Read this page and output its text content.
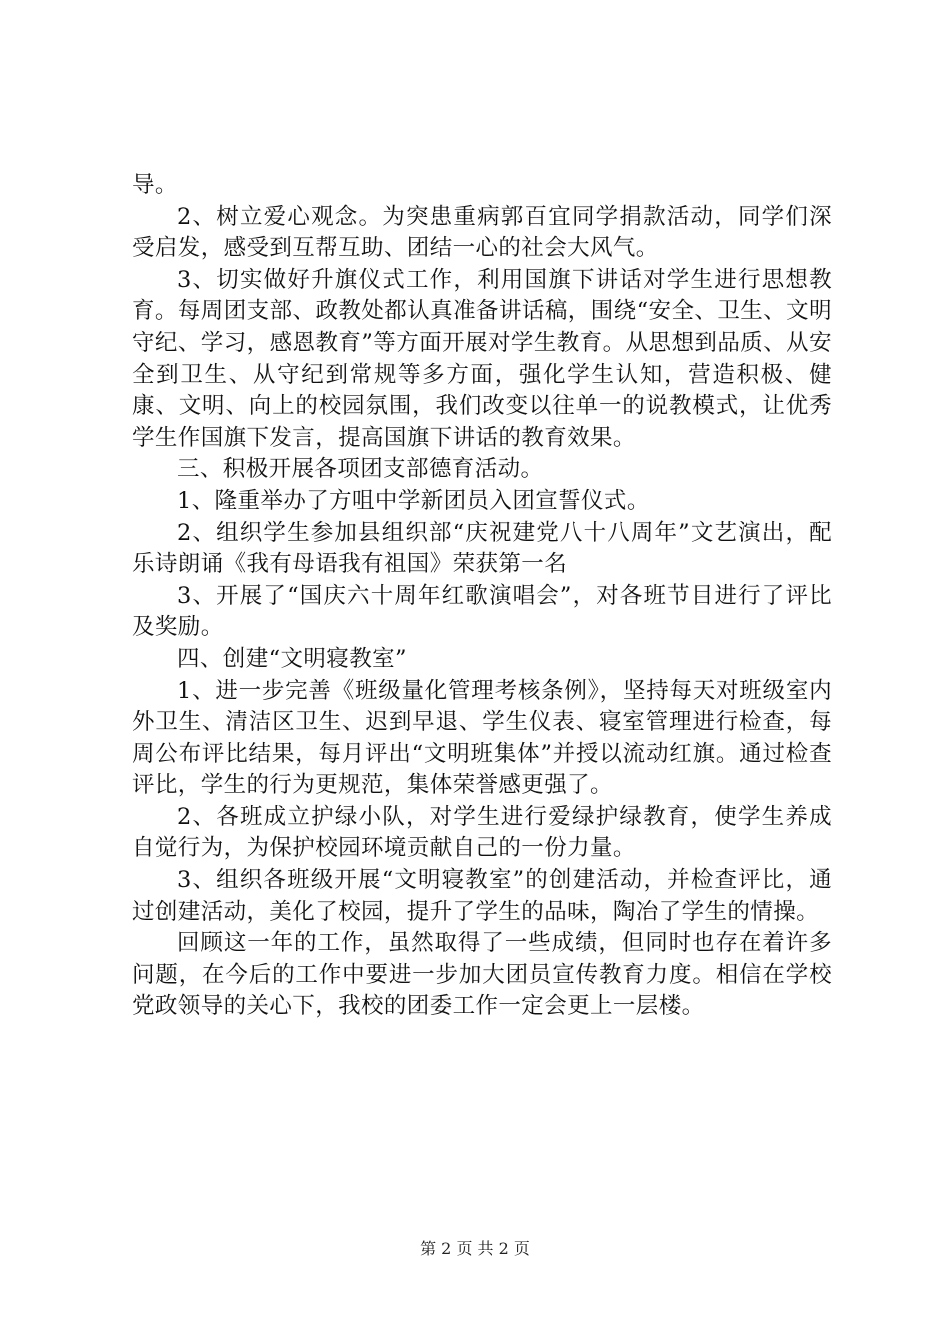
导。

2、树立爱心观念。为突患重病郭百宜同学捐款活动，同学们深受启发，感受到互帮互助、团结一心的社会大风气。

3、切实做好升旗仪式工作，利用国旗下讲话对学生进行思想教育。每周团支部、政教处都认真准备讲话稿，围绕“安全、卫生、文明守纪、学习，感恩教育”等方面开展对学生教育。从思想到品质、从安全到卫生、从守纪到常规等多方面，强化学生认知，营造积极、健康、文明、向上的校园氛围，我们改变以往单一的说教模式，让优秀学生作国旗下发言，提高国旗下讲话的教育效果。

三、积极开展各项团支部德育活动。

1、隆重举办了方咀中学新团员入团宣誓仪式。

2、组织学生参加县组织部“庆祝建党八十八周年”文艺演出，配乐诗朗诵《我有母语我有祖国》荣获第一名

3、开展了“国庆六十周年红歌演唱会”，对各班节目进行了评比及奖励。

四、创建“文明寝教室”

1、进一步完善《班级量化管理考核条例》，坚持每天对班级室内外卫生、清洁区卫生、迟到早退、学生仪表、寝室管理进行检查，每周公布评比结果，每月评出“文明班集体”并授以流动红旗。通过检查评比，学生的行为更规范，集体荣誉感更强了。

2、各班成立护绿小队，对学生进行爱绿护绿教育，使学生养成自觉行为，为保护校园环境贡献自己的一份力量。

3、组织各班级开展“文明寝教室”的创建活动，并检查评比，通过创建活动，美化了校园，提升了学生的品味，陶冶了学生的情操。

回顾这一年的工作，虽然取得了一些成绩，但同时也存在着许多问题，在今后的工作中要进一步加大团员宣传教育力度。相信在学校党政领导的关心下，我校的团委工作一定会更上一层楼。

第 2 页 共 2 页
